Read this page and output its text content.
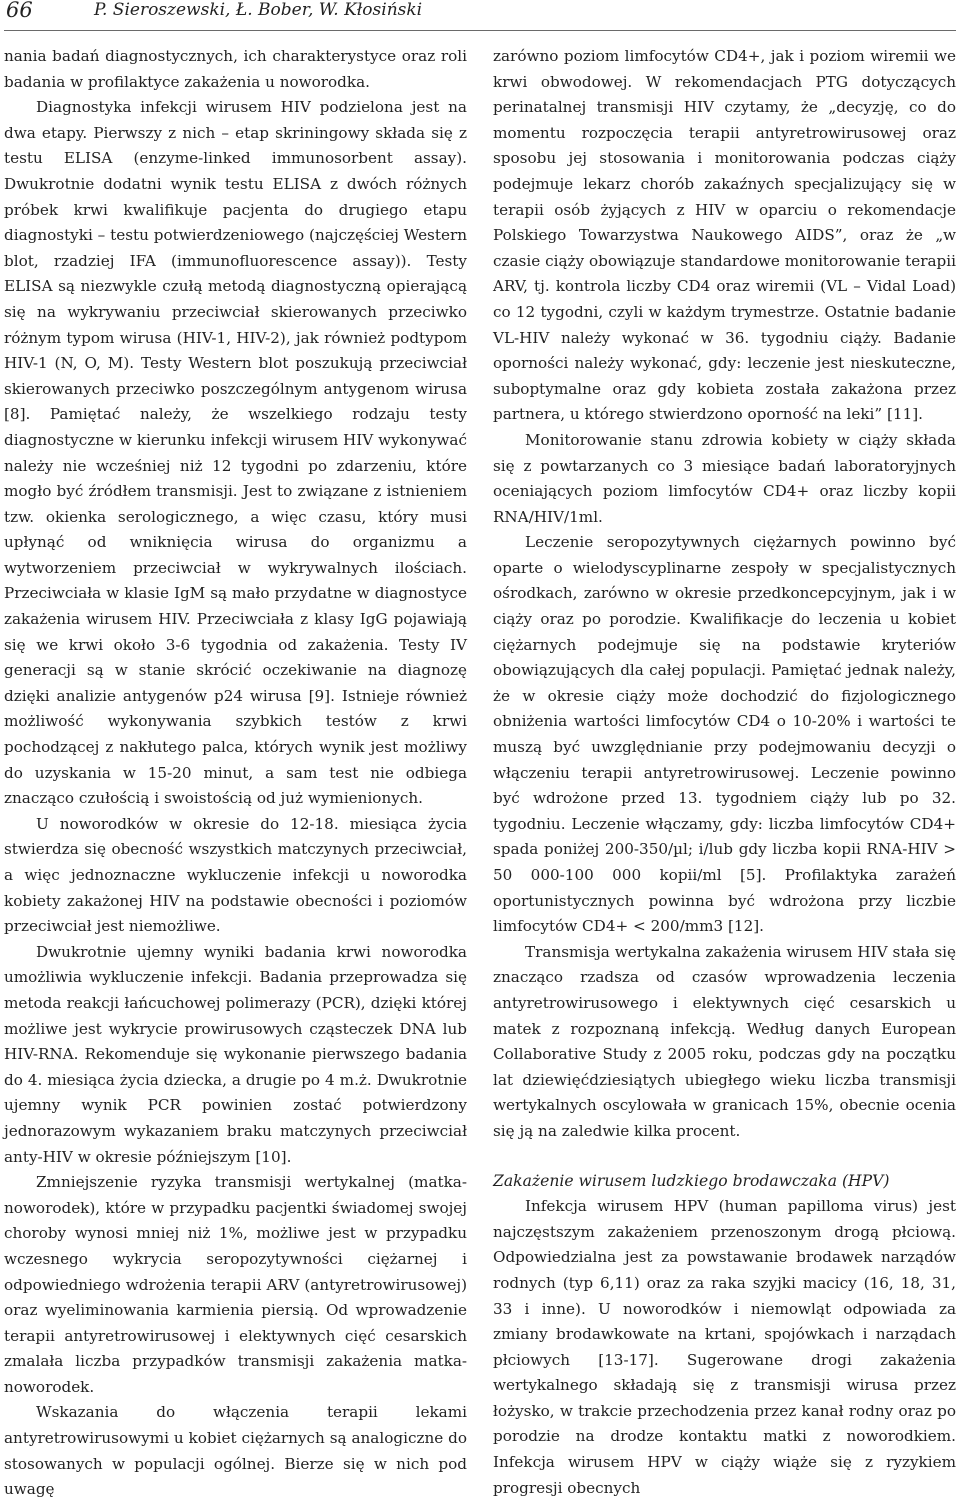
66	P. Sieroszewski, Ł. Bober, W. Kłosiński

nania badań diagnostycznych, ich charakterystyce oraz roli badania w profilaktyce zakażenia u noworodka.

Diagnostyka infekcji wirusem HIV podzielona jest na dwa etapy. Pierwszy z nich – etap skriningowy składa się z testu ELISA (enzyme-linked immunosorbent assay). Dwukrotnie dodatni wynik testu ELISA z dwóch różnych próbek krwi kwalifikuje pacjenta do drugiego etapu diagnostyki – testu potwierdzeniowego (najczęściej Western blot, rzadziej IFA (immunofluorescence assay)). Testy ELISA są niezwykle czułą metodą diagnostyczną opierającą się na wykrywaniu przeciwciał skierowanych przeciwko różnym typom wirusa (HIV-1, HIV-2), jak również podtypom HIV-1 (N, O, M). Testy Western blot poszukują przeciwciał skierowanych przeciwko poszczególnym antygenom wirusa [8]. Pamiętać należy, że wszelkiego rodzaju testy diagnostyczne w kierunku infekcji wirusem HIV wykonywać należy nie wcześniej niż 12 tygodni po zdarzeniu, które mogło być źródłem transmisji. Jest to związane z istnieniem tzw. okienka serologicznego, a więc czasu, który musi upłynąć od wniknięcia wirusa do organizmu a wytworzeniem przeciwciał w wykrywalnych ilościach. Przeciwciała w klasie IgM są mało przydatne w diagnostyce zakażenia wirusem HIV. Przeciwciała z klasy IgG pojawiają się we krwi około 3-6 tygodnia od zakażenia. Testy IV generacji są w stanie skrócić oczekiwanie na diagnozę dzięki analizie antygenów p24 wirusa [9]. Istnieje również możliwość wykonywania szybkich testów z krwi pochodzącej z nakłutego palca, których wynik jest możliwy do uzyskania w 15-20 minut, a sam test nie odbiega znacząco czułością i swoistością od już wymienionych.

U noworodków w okresie do 12-18. miesiąca życia stwierdza się obecność wszystkich matczynych przeciwciał, a więc jednoznaczne wykluczenie infekcji u noworodka kobiety zakażonej HIV na podstawie obecności i poziomów przeciwciał jest niemożliwe.

Dwukrotnie ujemny wyniki badania krwi noworodka umożliwia wykluczenie infekcji. Badania przeprowadza się metoda reakcji łańcuchowej polimerazy (PCR), dzięki której możliwe jest wykrycie prowirusowych cząsteczek DNA lub HIV-RNA. Rekomenduje się wykonanie pierwszego badania do 4. miesiąca życia dziecka, a drugie po 4 m.ż. Dwukrotnie ujemny wynik PCR powinien zostać potwierdzony jednorazowym wykazaniem braku matczynych przeciwciał anty-HIV w okresie późniejszym [10].

Zmniejszenie ryzyka transmisji wertykalnej (matka-noworodek), które w przypadku pacjentki świadomej swojej choroby wynosi mniej niż 1%, możliwe jest w przypadku wczesnego wykrycia seropozytywności ciężarnej i odpowiedniego wdrożenia terapii ARV (antyretrowirusowej) oraz wyeliminowania karmienia piersią. Od wprowadzenie terapii antyretrowirusowej i elektywnych cięć cesarskich zmalała liczba przypadków transmisji zakażenia matka-noworodek.

Wskazania do włączenia terapii lekami antyretrowirusowymi u kobiet ciężarnych są analogiczne do stosowanych w populacji ogólnej. Bierze się w nich pod uwagę

zarówno poziom limfocytów CD4+, jak i poziom wiremii we krwi obwodowej. W rekomendacjach PTG dotyczących perinatalnej transmisji HIV czytamy, że „decyzję, co do momentu rozpoczęcia terapii antyretrowirusowej oraz sposobu jej stosowania i monitorowania podczas ciąży podejmuje lekarz chorób zakaźnych specjalizujący się w terapii osób żyjących z HIV w oparciu o rekomendacje Polskiego Towarzystwa Naukowego AIDS”, oraz że „w czasie ciąży obowiązuje standardowe monitorowanie terapii ARV, tj. kontrola liczby CD4 oraz wiremii (VL – Vidal Load) co 12 tygodni, czyli w każdym trymestrze. Ostatnie badanie VL-HIV należy wykonać w 36. tygodniu ciąży. Badanie oporności należy wykonać, gdy: leczenie jest nieskuteczne, suboptymalne oraz gdy kobieta została zakażona przez partnera, u którego stwierdzono oporność na leki” [11].

Monitorowanie stanu zdrowia kobiety w ciąży składa się z powtarzanych co 3 miesiące badań laboratoryjnych oceniających poziom limfocytów CD4+ oraz liczby kopii RNA/HIV/1ml.

Leczenie seropozytywnych ciężarnych powinno być oparte o wielodyscyplinarne zespoły w specjalistycznych ośrodkach, zarówno w okresie przedkoncepcyjnym, jak i w ciąży oraz po porodzie. Kwalifikacje do leczenia u kobiet ciężarnych podejmuje się na podstawie kryteriów obowiązujących dla całej populacji. Pamiętać jednak należy, że w okresie ciąży może dochodzić do fizjologicznego obniżenia wartości limfocytów CD4 o 10-20% i wartości te muszą być uwzględnianie przy podejmowaniu decyzji o włączeniu terapii antyretrowirusowej. Leczenie powinno być wdrożone przed 13. tygodniem ciąży lub po 32. tygodniu. Leczenie włączamy, gdy: liczba limfocytów CD4+ spada poniżej 200-350/µl; i/lub gdy liczba kopii RNA-HIV > 50 000-100 000 kopii/ml [5]. Profilaktyka zarażeń oportunistycznych powinna być wdrożona przy liczbie limfocytów CD4+ < 200/mm3 [12].

Transmisja wertykalna zakażenia wirusem HIV stała się znacząco rzadsza od czasów wprowadzenia leczenia antyretrowirusowego i elektywnych cięć cesarskich u matek z rozpoznaną infekcją. Według danych European Collaborative Study z 2005 roku, podczas gdy na początku lat dziewięćdziesiątych ubiegłego wieku liczba transmisji wertykalnych oscylowała w granicach 15%, obecnie ocenia się ją na zaledwie kilka procent.

Zakażenie wirusem ludzkiego brodawczaka (HPV)

Infekcja wirusem HPV (human papilloma virus) jest najczęstszym zakażeniem przenoszonym drogą płciową. Odpowiedzialna jest za powstawanie brodawek narządów rodnych (typ 6,11) oraz za raka szyjki macicy (16, 18, 31, 33 i inne). U noworodków i niemowląt odpowiada za zmiany brodawkowate na krtani, spojówkach i narządach płciowych [13-17]. Sugerowane drogi zakażenia wertykalnego składają się z transmisji wirusa przez łożysko, w trakcie przechodzenia przez kanał rodny oraz po porodzie na drodze kontaktu matki z noworodkiem. Infekcja wirusem HPV w ciąży wiąże się z ryzykiem progresji obecnych
